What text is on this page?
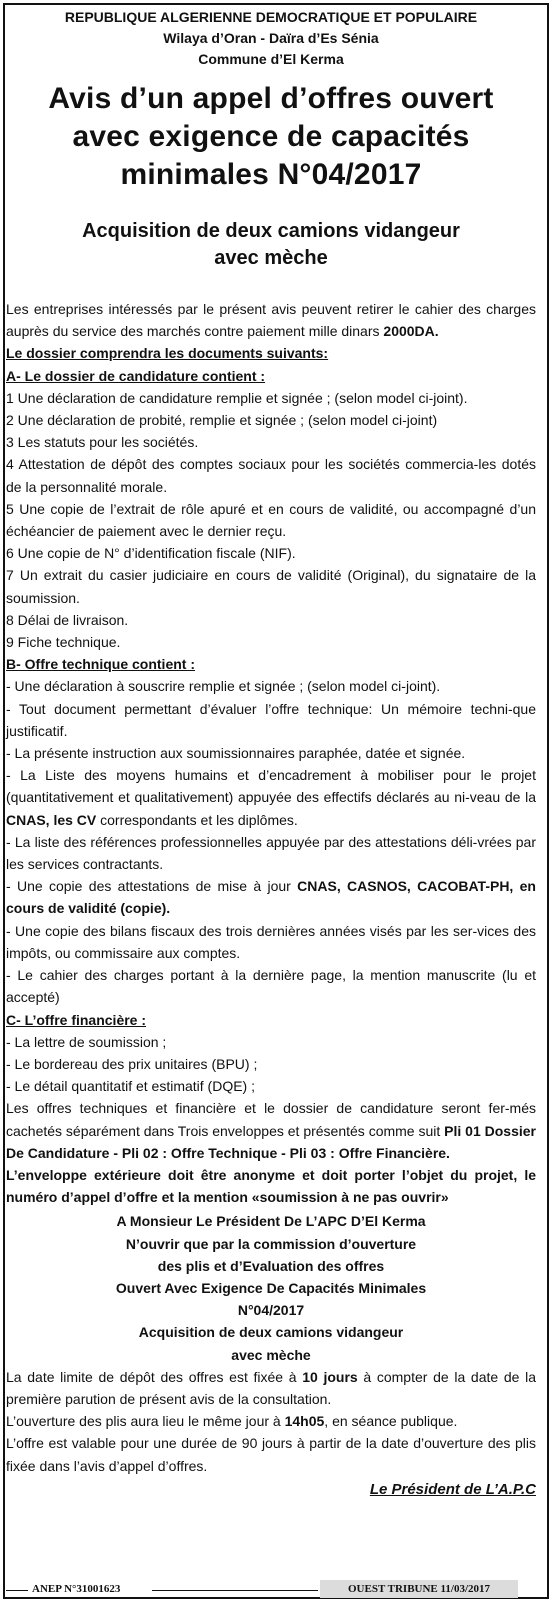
REPUBLIQUE ALGERIENNE DEMOCRATIQUE ET POPULAIRE
Wilaya d’Oran - Daïra d’Es Sénia
Commune d’El Kerma
Avis d’un appel d’offres ouvert
avec exigence de capacités
minimales N°04/2017
Acquisition de deux camions vidangeur
avec mèche

Les entreprises intéressés par le présent avis peuvent retirer le cahier des charges auprès du service des marchés contre paiement mille dinars 2000DA.

Le dossier comprendra les documents suivants:

A- Le dossier de candidature contient :

1 Une déclaration de candidature remplie et signée ; (selon model ci-joint).

2 Une déclaration de probité, remplie et signée ; (selon model ci-joint)

3 Les statuts pour les sociétés.

4 Attestation de dépôt des comptes sociaux pour les sociétés commercia-les dotés de la personnalité morale.

5 Une copie de l’extrait de rôle apuré et en cours de validité, ou accompagné d’un échéancier de paiement avec le dernier reçu.

6 Une copie de N° d’identification fiscale (NIF).

7 Un extrait du casier judiciaire en cours de validité (Original), du signataire de la soumission.

8 Délai de livraison.

9 Fiche technique.

B- Offre technique contient :

- Une déclaration à souscrire remplie et signée ; (selon model ci-joint).

- Tout document permettant d’évaluer l’offre technique: Un mémoire techni-que justificatif.

- La présente instruction aux soumissionnaires paraphée, datée et signée.

- La Liste des moyens humains et d’encadrement à mobiliser pour le projet (quantitativement et qualitativement) appuyée des effectifs déclarés au ni-veau de la CNAS, les CV correspondants et les diplômes.

- La liste des références professionnelles appuyée par des attestations déli-vrées par les services contractants.

- Une copie des attestations de mise à jour CNAS, CASNOS, CACOBAT-PH, en cours de validité (copie).

- Une copie des bilans fiscaux des trois dernières années visés par les ser-vices des impôts, ou commissaire aux comptes.

- Le cahier des charges portant à la dernière page, la mention manuscrite (lu et accepté)

C- L’offre financière :

- La lettre de soumission ;

- Le bordereau des prix unitaires (BPU) ;

- Le détail quantitatif et estimatif (DQE) ;

Les offres techniques et financière et le dossier de candidature seront fer-més cachetés séparément dans Trois enveloppes et présentés comme suit Pli 01 Dossier De Candidature - Pli 02 : Offre Technique - Pli 03 : Offre Financière.

L’enveloppe extérieure doit être anonyme et doit porter l’objet du projet, le numéro d’appel d’offre et la mention «soumission à ne pas ouvrir»

A Monsieur Le Président De L’APC D’El Kerma
N’ouvrir que par la commission d’ouverture
des plis et d’Evaluation des offres
Ouvert Avec Exigence De Capacités Minimales
N°04/2017
Acquisition de deux camions vidangeur
avec mèche

La date limite de dépôt des offres est fixée à 10 jours à compter de la date de la première parution de présent avis de la consultation.

L’ouverture des plis aura lieu le même jour à 14h05, en séance publique.

L’offre est valable pour une durée de 90 jours à partir de la date d’ouverture des plis fixée dans l’avis d’appel d’offres.

Le Président de L’A.P.C
ANEP N°31001623	OUEST TRIBUNE 11/03/2017
